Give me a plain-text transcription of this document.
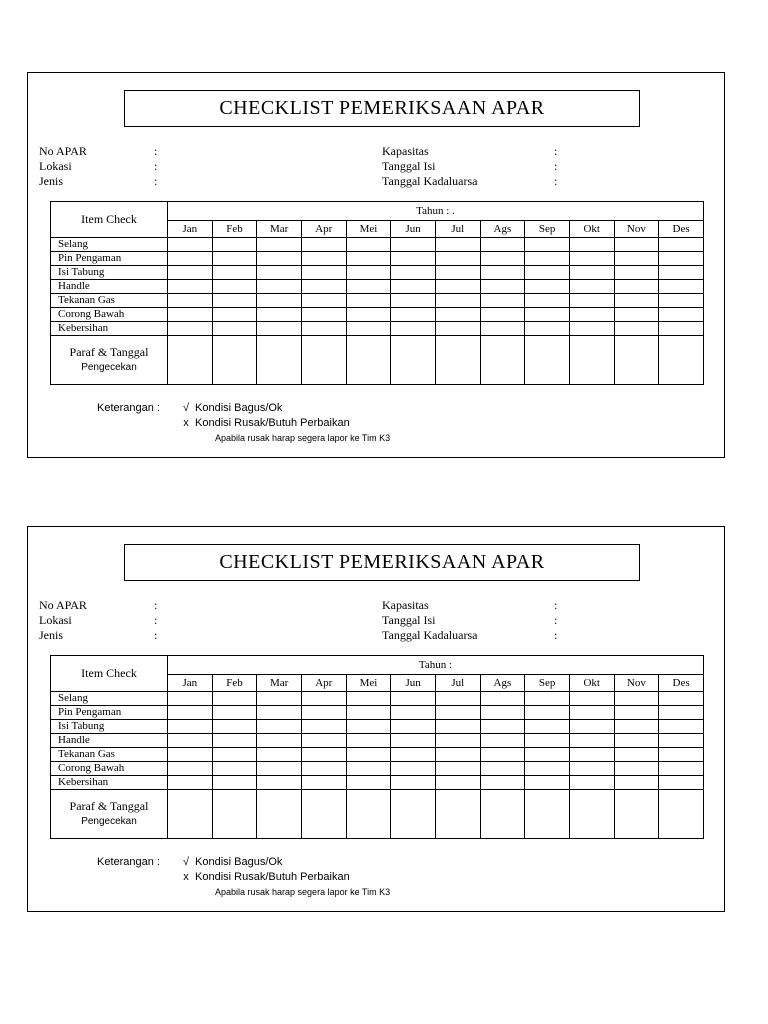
CHECKLIST PEMERIKSAAN APAR
No APAR	:
Lokasi	:
Jenis	:
Kapasitas	:
Tanggal Isi	:
Tanggal Kadaluarsa	:
Item Check	Tahun : .											
	Jan	Feb	Mar	Apr	Mei	Jun	Jul	Ags	Sep	Okt	Nov	Des
Selang												
Pin Pengaman												
Isi Tabung												
Handle												
Tekanan Gas												
Corong Bawah												
Kebersihan												
Paraf & Tanggal
Pengecekan												
Keterangan :	√ Kondisi Bagus/Ok
x Kondisi Rusak/Butuh Perbaikan
Apabila rusak harap segera lapor ke Tim K3
CHECKLIST PEMERIKSAAN APAR
No APAR	:
Lokasi	:
Jenis	:
Kapasitas	:
Tanggal Isi	:
Tanggal Kadaluarsa	:
Item Check	Tahun :											
	Jan	Feb	Mar	Apr	Mei	Jun	Jul	Ags	Sep	Okt	Nov	Des
Selang												
Pin Pengaman												
Isi Tabung												
Handle												
Tekanan Gas												
Corong Bawah												
Kebersihan												
Paraf & Tanggal
Pengecekan												
Keterangan :	√ Kondisi Bagus/Ok
x Kondisi Rusak/Butuh Perbaikan
Apabila rusak harap segera lapor ke Tim K3
